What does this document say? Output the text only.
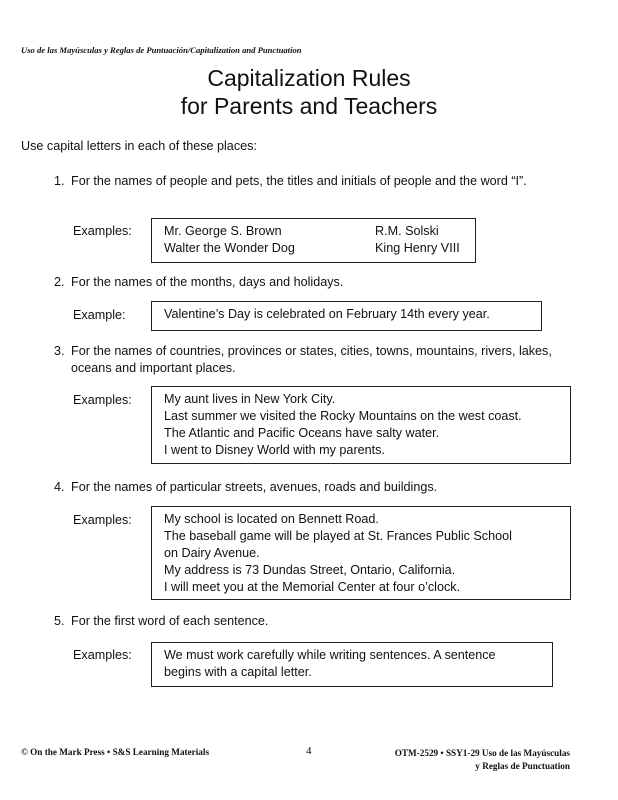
Uso de las Mayúsculas y Reglas de Puntuación/Capitalization and Punctuation
Capitalization Rules
for Parents and Teachers
Use capital letters in each of these places:
1. For the names of people and pets, the titles and initials of people and the word “I”.
Examples:	Mr. George S. Brown	R.M. Solski
Walter the Wonder Dog	King Henry VIII
2. For the names of the months, days and holidays.
Example:	Valentine’s Day is celebrated on February 14th every year.
3. For the names of countries, provinces or states, cities, towns, mountains, rivers, lakes, oceans and important places.
Examples:	My aunt lives in New York City.
Last summer we visited the Rocky Mountains on the west coast.
The Atlantic and Pacific Oceans have salty water.
I went to Disney World with my parents.
4. For the names of particular streets, avenues, roads and buildings.
Examples:	My school is located on Bennett Road.
The baseball game will be played at St. Frances Public School
on Dairy Avenue.
My address is 73 Dundas Street, Ontario, California.
I will meet you at the Memorial Center at four o’clock.
5. For the first word of each sentence.
Examples:	We must work carefully while writing sentences. A sentence
begins with a capital letter.
© On the Mark Press • S&S Learning Materials	4	OTM-2529 • SSY1-29 Uso de las Mayúsculas
y Reglas de Punctuation
